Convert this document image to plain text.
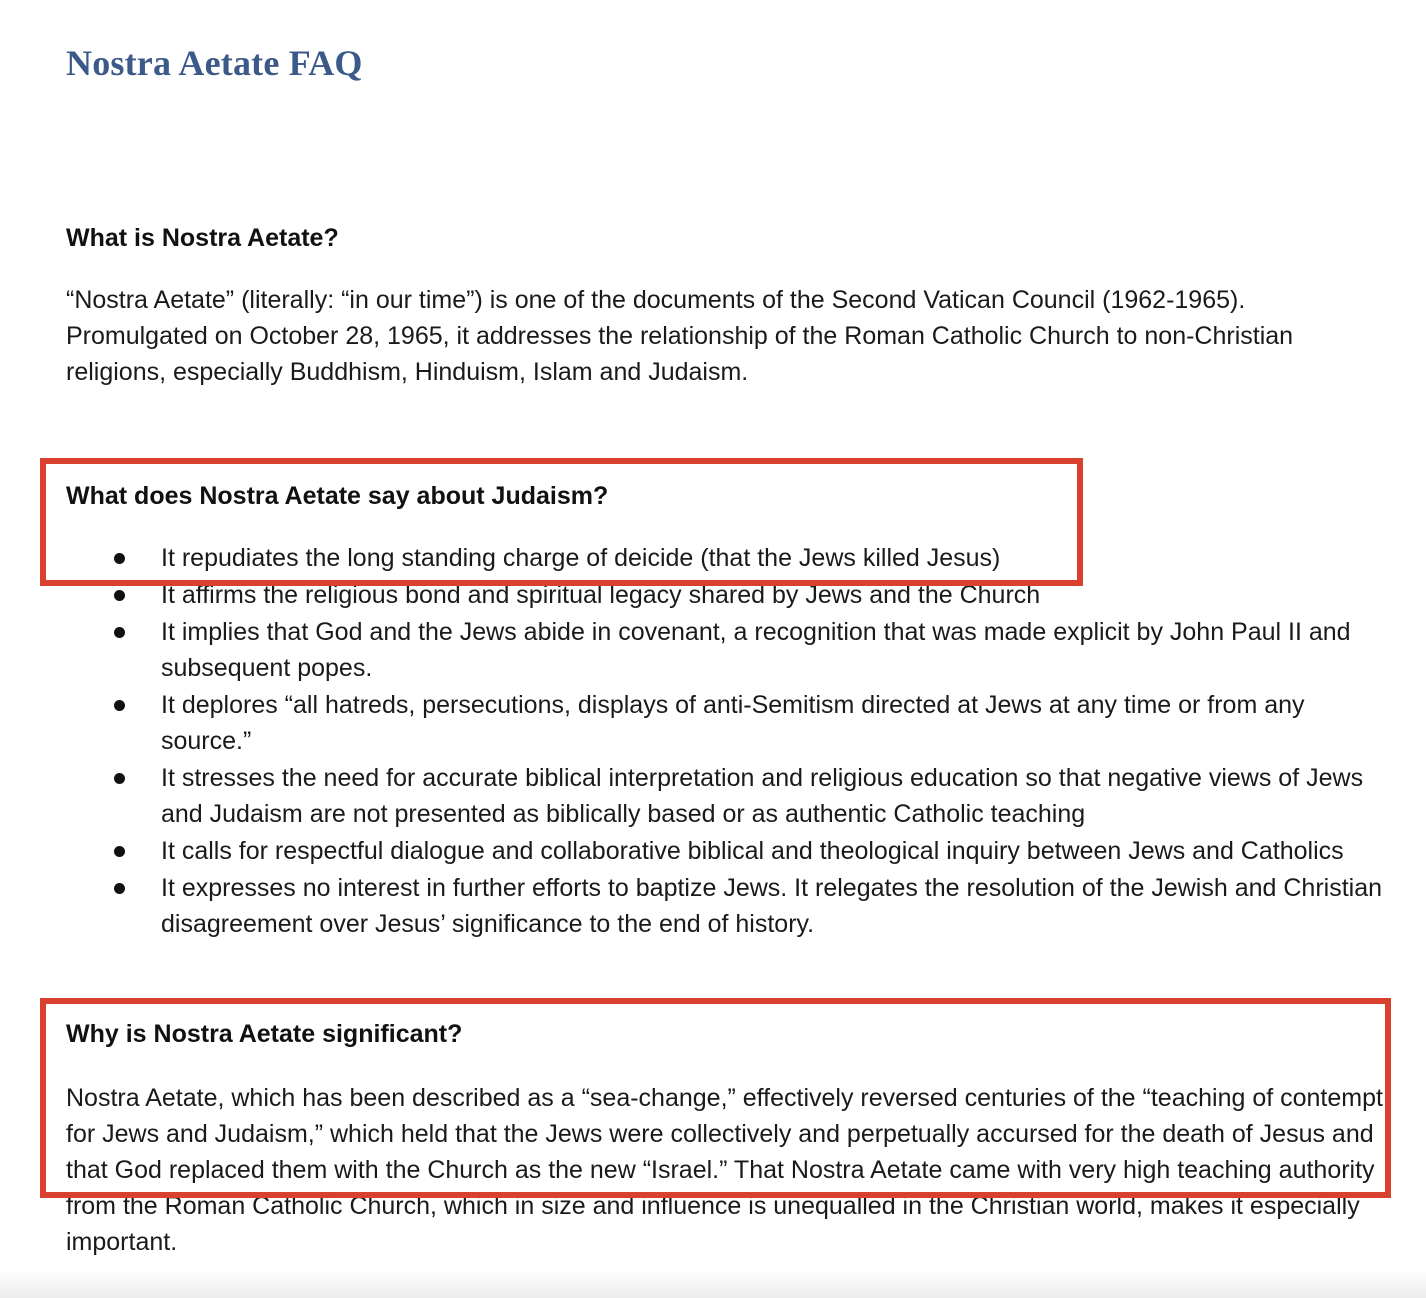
Nostra Aetate FAQ
What is Nostra Aetate?

“Nostra Aetate” (literally: “in our time”) is one of the documents of the Second Vatican Council (1962-1965). Promulgated on October 28, 1965, it addresses the relationship of the Roman Catholic Church to non-Christian religions, especially Buddhism, Hinduism, Islam and Judaism.

What does Nostra Aetate say about Judaism?
It repudiates the long standing charge of deicide (that the Jews killed Jesus)
It affirms the religious bond and spiritual legacy shared by Jews and the Church
It implies that God and the Jews abide in covenant, a recognition that was made explicit by John Paul II and subsequent popes.
It deplores “all hatreds, persecutions, displays of anti-Semitism directed at Jews at any time or from any source.”
It stresses the need for accurate biblical interpretation and religious education so that negative views of Jews and Judaism are not presented as biblically based or as authentic Catholic teaching
It calls for respectful dialogue and collaborative biblical and theological inquiry between Jews and Catholics
It expresses no interest in further efforts to baptize Jews. It relegates the resolution of the Jewish and Christian disagreement over Jesus’ significance to the end of history.
Why is Nostra Aetate significant?

Nostra Aetate, which has been described as a “sea-change,” effectively reversed centuries of the “teaching of contempt for Jews and Judaism,” which held that the Jews were collectively and perpetually accursed for the death of Jesus and that God replaced them with the Church as the new “Israel.” That Nostra Aetate came with very high teaching authority from the Roman Catholic Church, which in size and influence is unequalled in the Christian world, makes it especially important.
